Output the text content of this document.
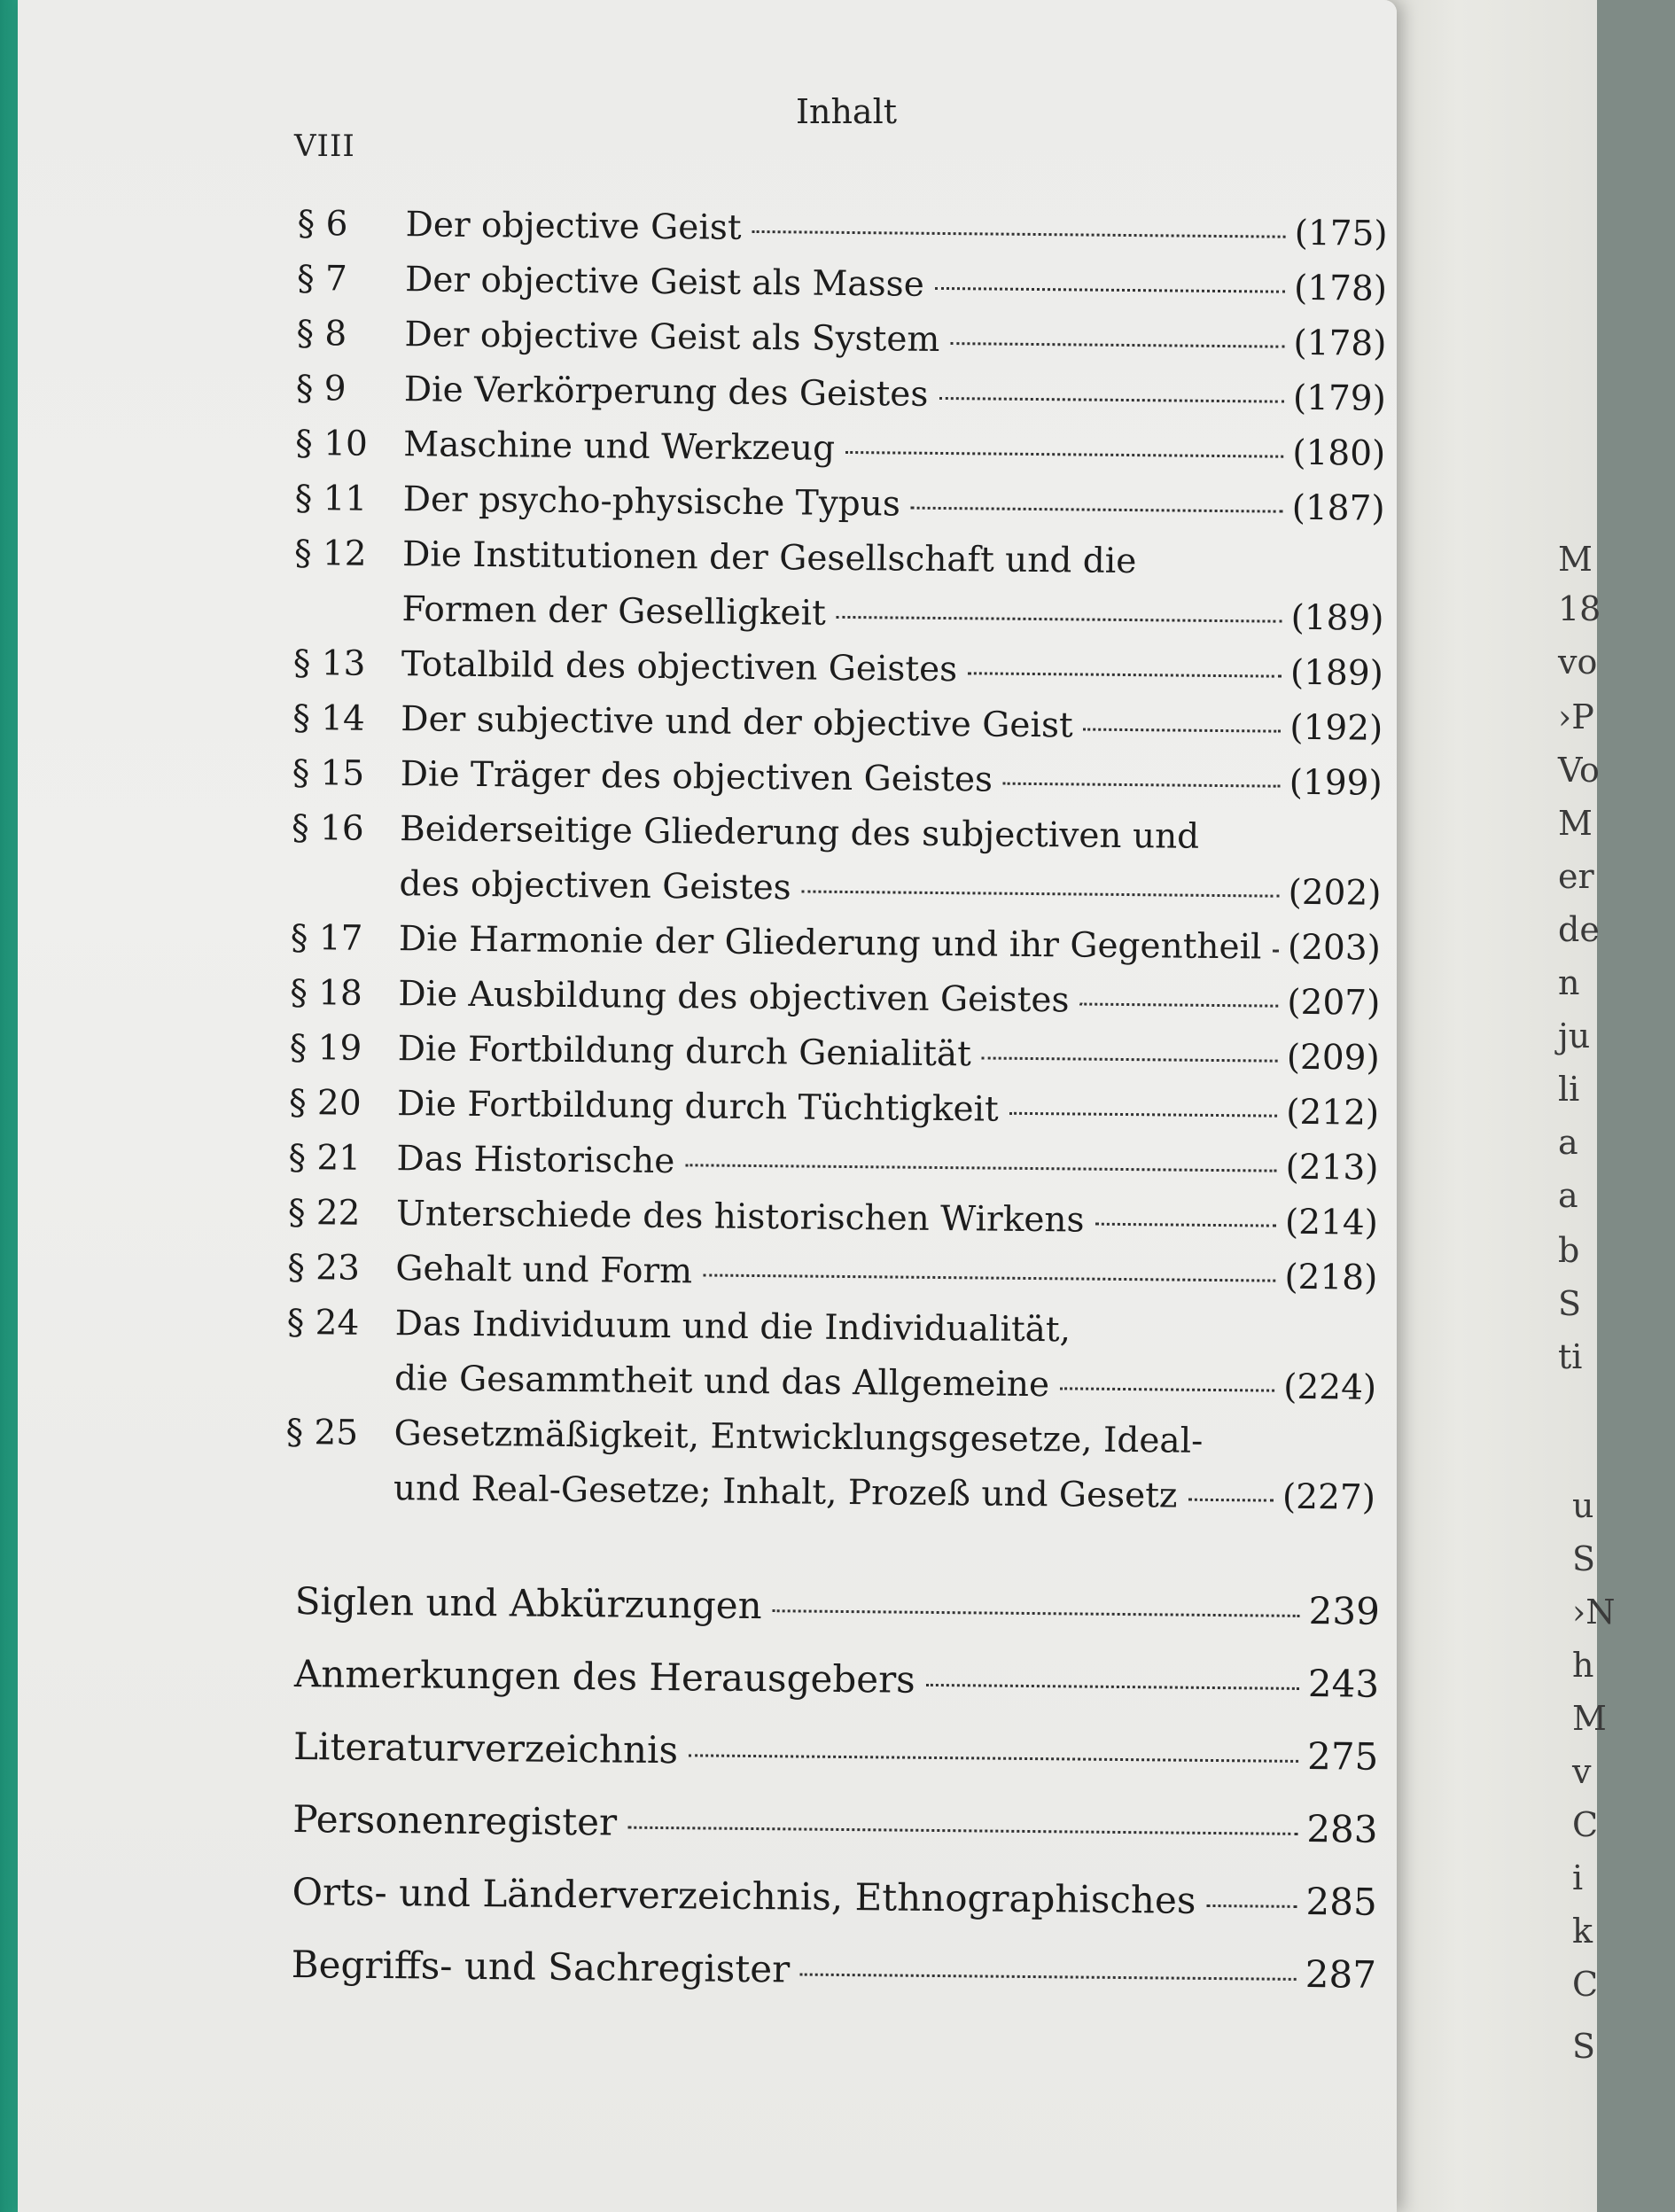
M
18
vo
›P
Vo
M
er
de
n
ju
li
a
a
b
S
ti
u
S
›N
h
M
v
C
i
k
C
S
Inhalt
VIII
§ 6	Der objective Geist	(175)
§ 7	Der objective Geist als Masse	(178)
§ 8	Der objective Geist als System	(178)
§ 9	Die Verkörperung des Geistes	(179)
§ 10	Maschine und Werkzeug	(180)
§ 11	Der psycho-physische Typus	(187)
§ 12	Die Institutionen der Gesellschaft und die
Formen der Geselligkeit	(189)
§ 13	Totalbild des objectiven Geistes	(189)
§ 14	Der subjective und der objective Geist	(192)
§ 15	Die Träger des objectiven Geistes	(199)
§ 16	Beiderseitige Gliederung des subjectiven und
des objectiven Geistes	(202)
§ 17	Die Harmonie der Gliederung und ihr Gegentheil (203)
§ 18	Die Ausbildung des objectiven Geistes	(207)
§ 19	Die Fortbildung durch Genialität	(209)
§ 20	Die Fortbildung durch Tüchtigkeit	(212)
§ 21	Das Historische	(213)
§ 22	Unterschiede des historischen Wirkens	(214)
§ 23	Gehalt und Form	(218)
§ 24	Das Individuum und die Individualität,
die Gesammtheit und das Allgemeine	(224)
§ 25	Gesetzmäßigkeit, Entwicklungsgesetze, Ideal-
und Real-Gesetze; Inhalt, Prozeß und Gesetz	(227)
Siglen und Abkürzungen	239
Anmerkungen des Herausgebers	243
Literaturverzeichnis	275
Personenregister	283
Orts- und Länderverzeichnis, Ethnographisches	285
Begriffs- und Sachregister	287
